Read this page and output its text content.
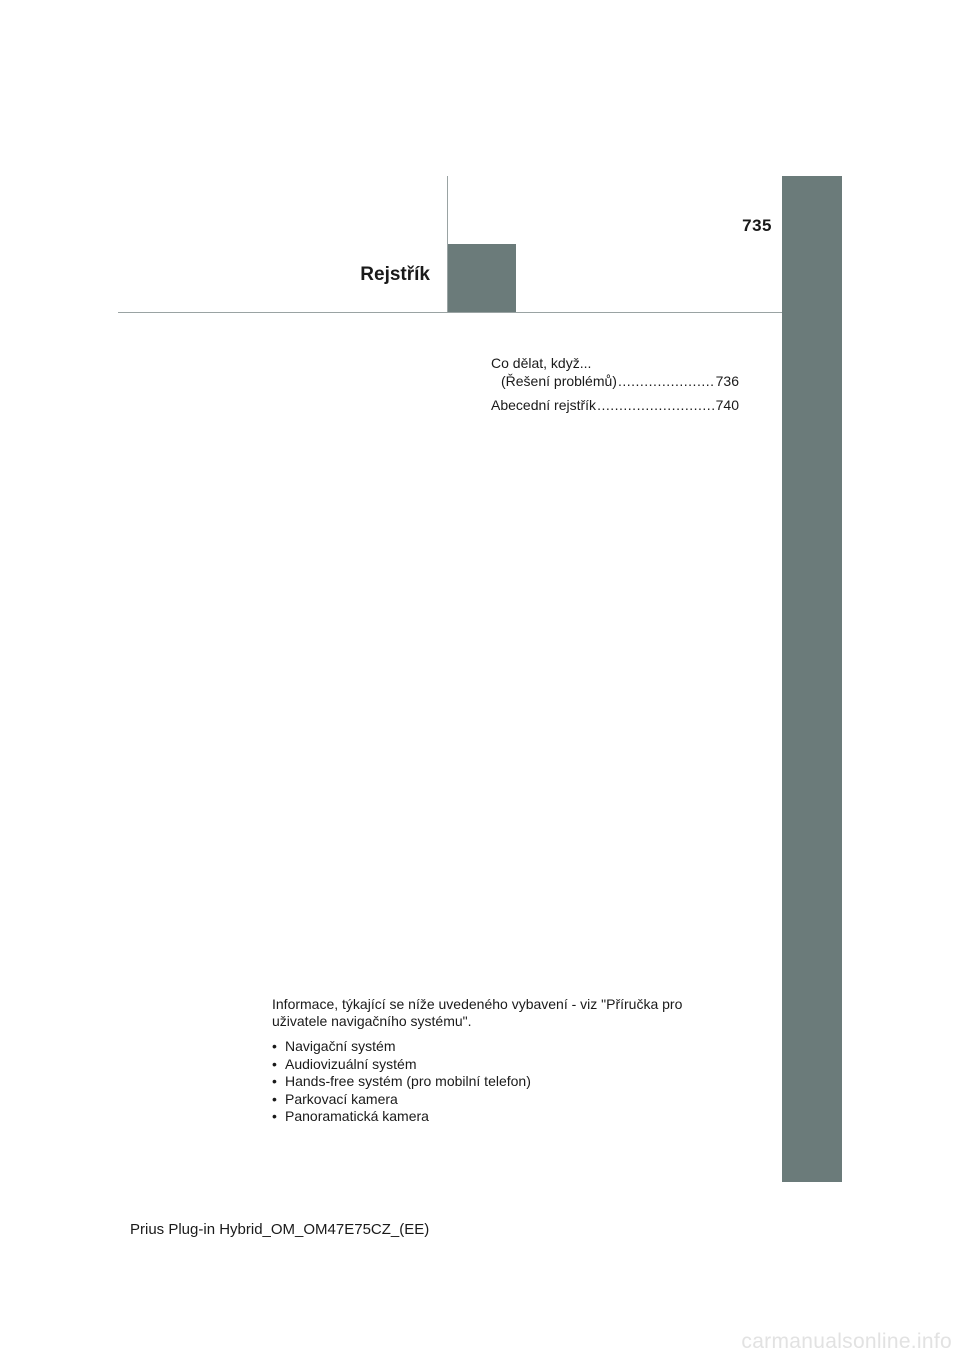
735
Rejstřík
Co dělat, když...
(Řešení problémů) .....	736
Abecední rejstřík .....	740

Informace, týkající se níže uvedeného vybavení - viz "Příručka pro uživatele navigačního systému".

• Navigační systém
• Audiovizuální systém
• Hands-free systém (pro mobilní telefon)
• Parkovací kamera
• Panoramatická kamera
Prius Plug-in Hybrid_OM_OM47E75CZ_(EE)
carmanualsonline.info
